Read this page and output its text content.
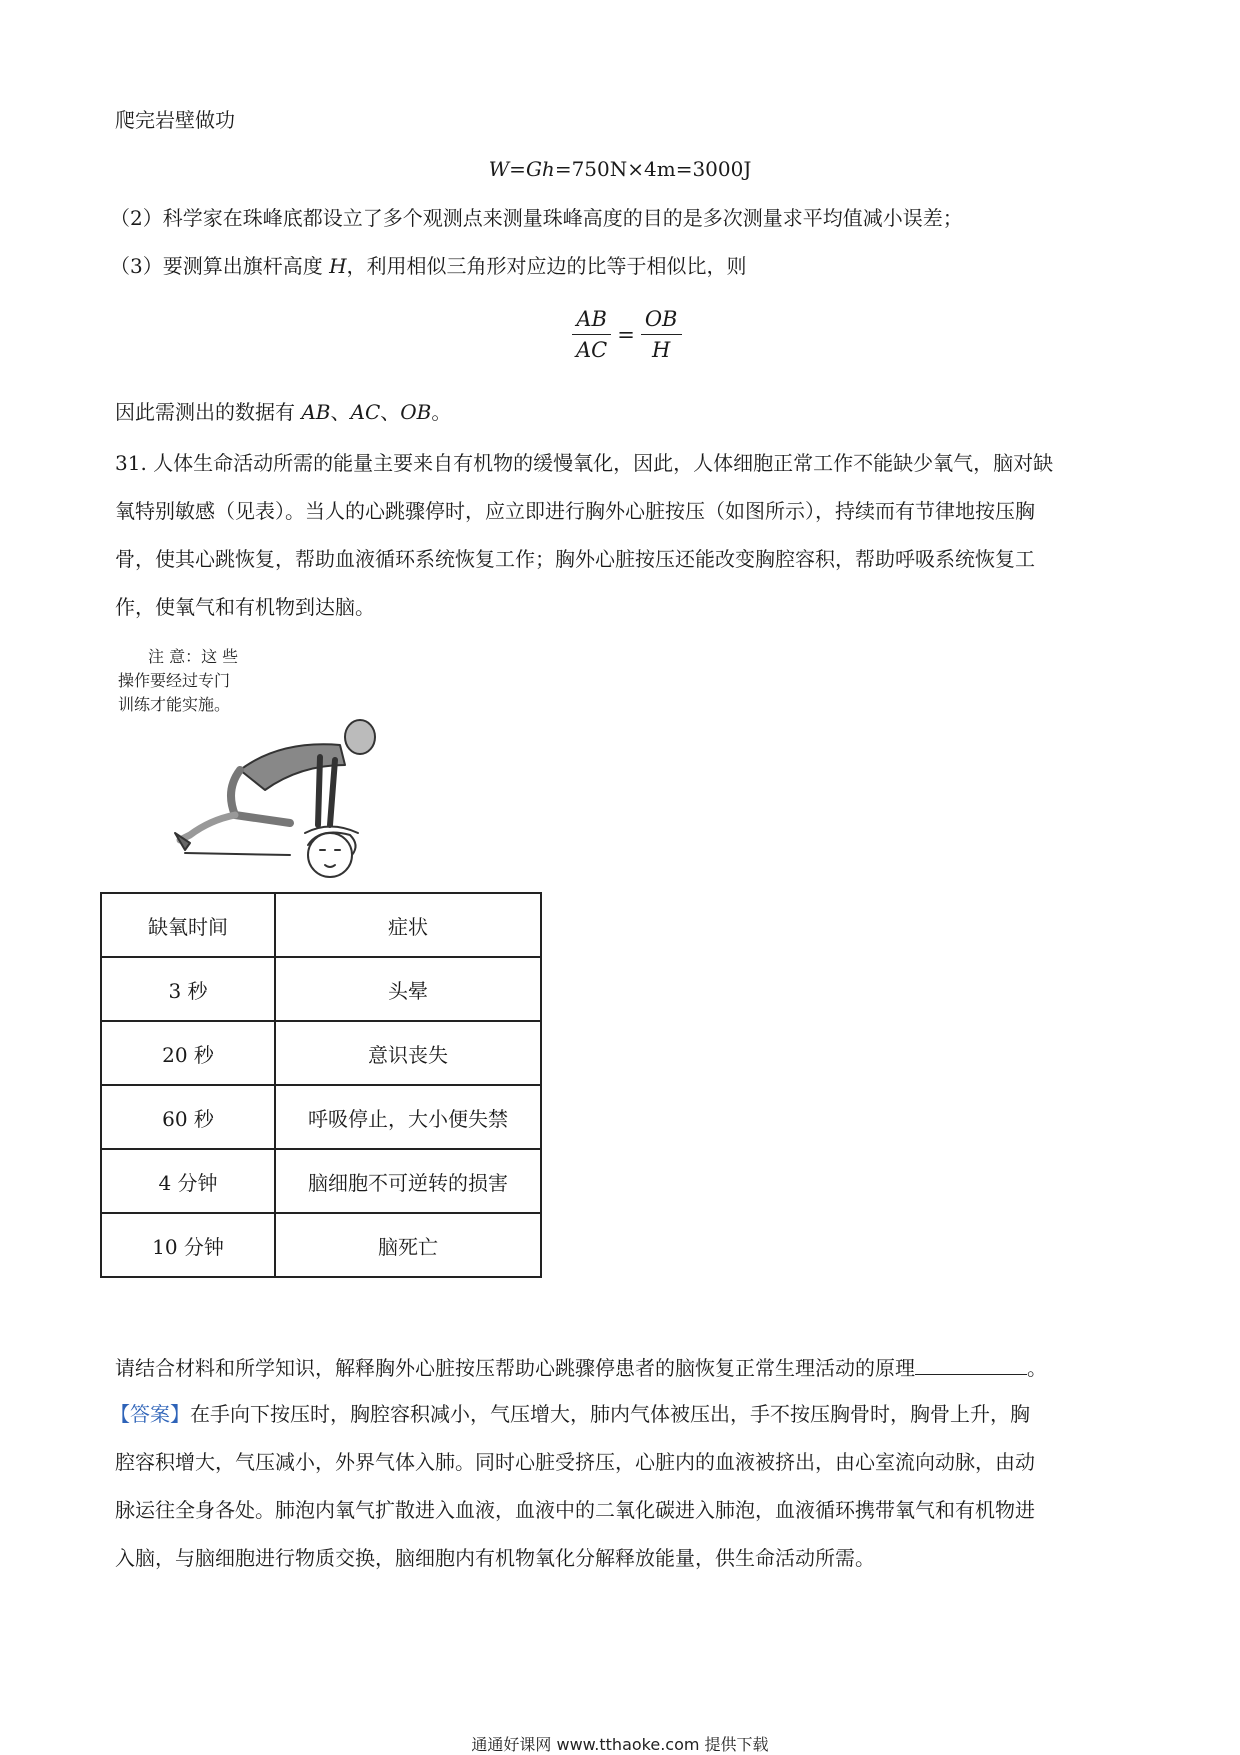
爬完岩壁做功
W=Gh=750N×4m=3000J
（2）科学家在珠峰底都设立了多个观测点来测量珠峰高度的目的是多次测量求平均值减小误差；
（3）要测算出旗杆高度 H，利用相似三角形对应边的比等于相似比，则
$\frac{AB}{AC} = \frac{OB}{H}$
因此需测出的数据有 AB、AC、OB。
31. 人体生命活动所需的能量主要来自有机物的缓慢氧化，因此，人体细胞正常工作不能缺少氧气，脑对缺
氧特别敏感（见表）。当人的心跳骤停时，应立即进行胸外心脏按压（如图所示），持续而有节律地按压胸
骨，使其心跳恢复，帮助血液循环系统恢复工作；胸外心脏按压还能改变胸腔容积，帮助呼吸系统恢复工
作，使氧气和有机物到达脑。
注 意：这 些
操作要经过专门
训练才能实施。
缺氧时间	症状
3 秒	头晕
20 秒	意识丧失
60 秒	呼吸停止，大小便失禁
4 分钟	脑细胞不可逆转的损害
10 分钟	脑死亡
请结合材料和所学知识，解释胸外心脏按压帮助心跳骤停患者的脑恢复正常生理活动的原理	。
【答案】在手向下按压时，胸腔容积减小，气压增大，肺内气体被压出，手不按压胸骨时，胸骨上升，胸
腔容积增大，气压减小，外界气体入肺。同时心脏受挤压，心脏内的血液被挤出，由心室流向动脉，由动
脉运往全身各处。肺泡内氧气扩散进入血液，血液中的二氧化碳进入肺泡，血液循环携带氧气和有机物进
入脑，与脑细胞进行物质交换，脑细胞内有机物氧化分解释放能量，供生命活动所需。
通通好课网 www.tthaoke.com 提供下载
